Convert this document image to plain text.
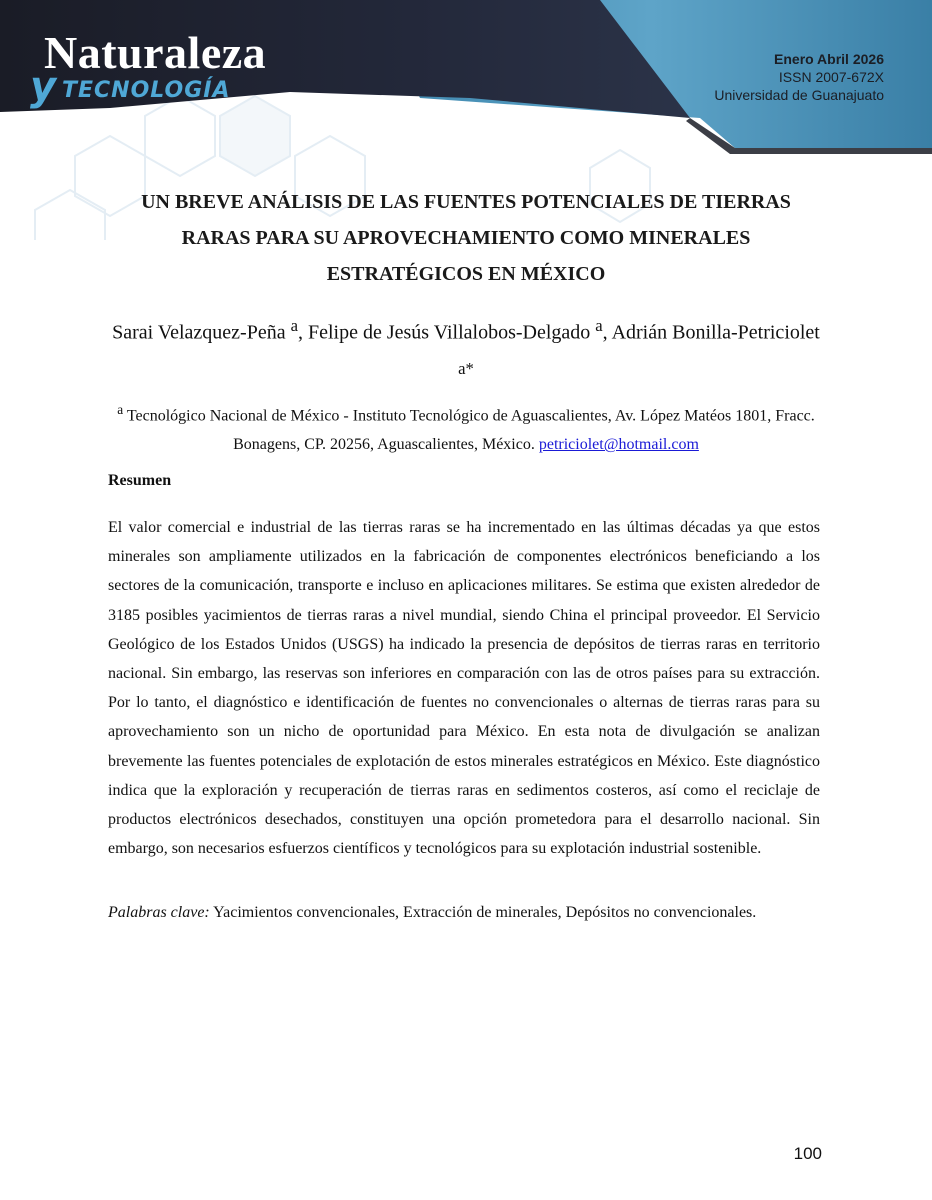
Naturaleza
y TECNOLOGÍA
Enero Abril 2026
ISSN 2007-672X
Universidad de Guanajuato
UN BREVE ANÁLISIS DE LAS FUENTES POTENCIALES DE TIERRAS RARAS PARA SU APROVECHAMIENTO COMO MINERALES ESTRATÉGICOS EN MÉXICO

Sarai Velazquez-Peña $^a$, Felipe de Jesús Villalobos-Delgado $^a$, Adrián Bonilla-Petriciolet $^{a*}$

$^a$ Tecnológico Nacional de México - Instituto Tecnológico de Aguascalientes, Av. López Matéos 1801, Fracc. Bonagens, CP. 20256, Aguascalientes, México. petriciolet@hotmail.com

Resumen

El valor comercial e industrial de las tierras raras se ha incrementado en las últimas décadas ya que estos minerales son ampliamente utilizados en la fabricación de componentes electrónicos beneficiando a los sectores de la comunicación, transporte e incluso en aplicaciones militares. Se estima que existen alrededor de 3185 posibles yacimientos de tierras raras a nivel mundial, siendo China el principal proveedor. El Servicio Geológico de los Estados Unidos (USGS) ha indicado la presencia de depósitos de tierras raras en territorio nacional. Sin embargo, las reservas son inferiores en comparación con las de otros países para su extracción. Por lo tanto, el diagnóstico e identificación de fuentes no convencionales o alternas de tierras raras para su aprovechamiento son un nicho de oportunidad para México. En esta nota de divulgación se analizan brevemente las fuentes potenciales de explotación de estos minerales estratégicos en México. Este diagnóstico indica que la exploración y recuperación de tierras raras en sedimentos costeros, así como el reciclaje de productos electrónicos desechados, constituyen una opción prometedora para el desarrollo nacional. Sin embargo, son necesarios esfuerzos científicos y tecnológicos para su explotación industrial sostenible.

Palabras clave: Yacimientos convencionales, Extracción de minerales, Depósitos no convencionales.

100
